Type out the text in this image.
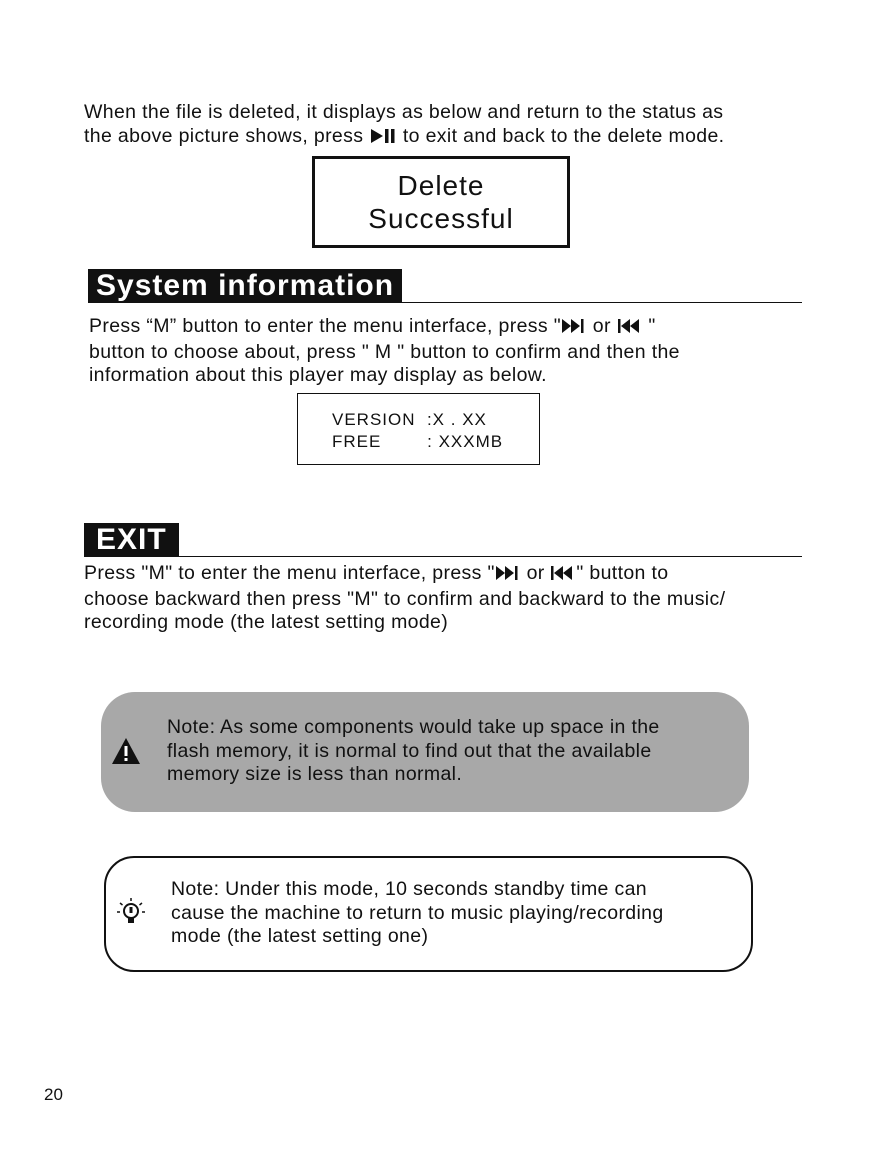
When the file is deleted, it displays as below and return to the status as
the above picture shows, press to exit and back to the delete mode.
Delete
Successful
System information
Press “M” button to enter the menu interface, press " or  "
button to choose about, press " M " button to confirm and then the
information about this player may display as below.
VERSION  :X . XX
FREE        : XXXMB
EXIT
Press "M" to enter the menu interface, press " or " button to
choose backward then press "M" to confirm and backward to the music/
recording mode (the latest setting mode)
Note: As some components would take up space in the
flash memory, it is normal to find out that the available
memory size is less than normal.
Note: Under this mode, 10 seconds standby time can
cause the machine to return to music playing/recording
mode (the latest setting one)
20
